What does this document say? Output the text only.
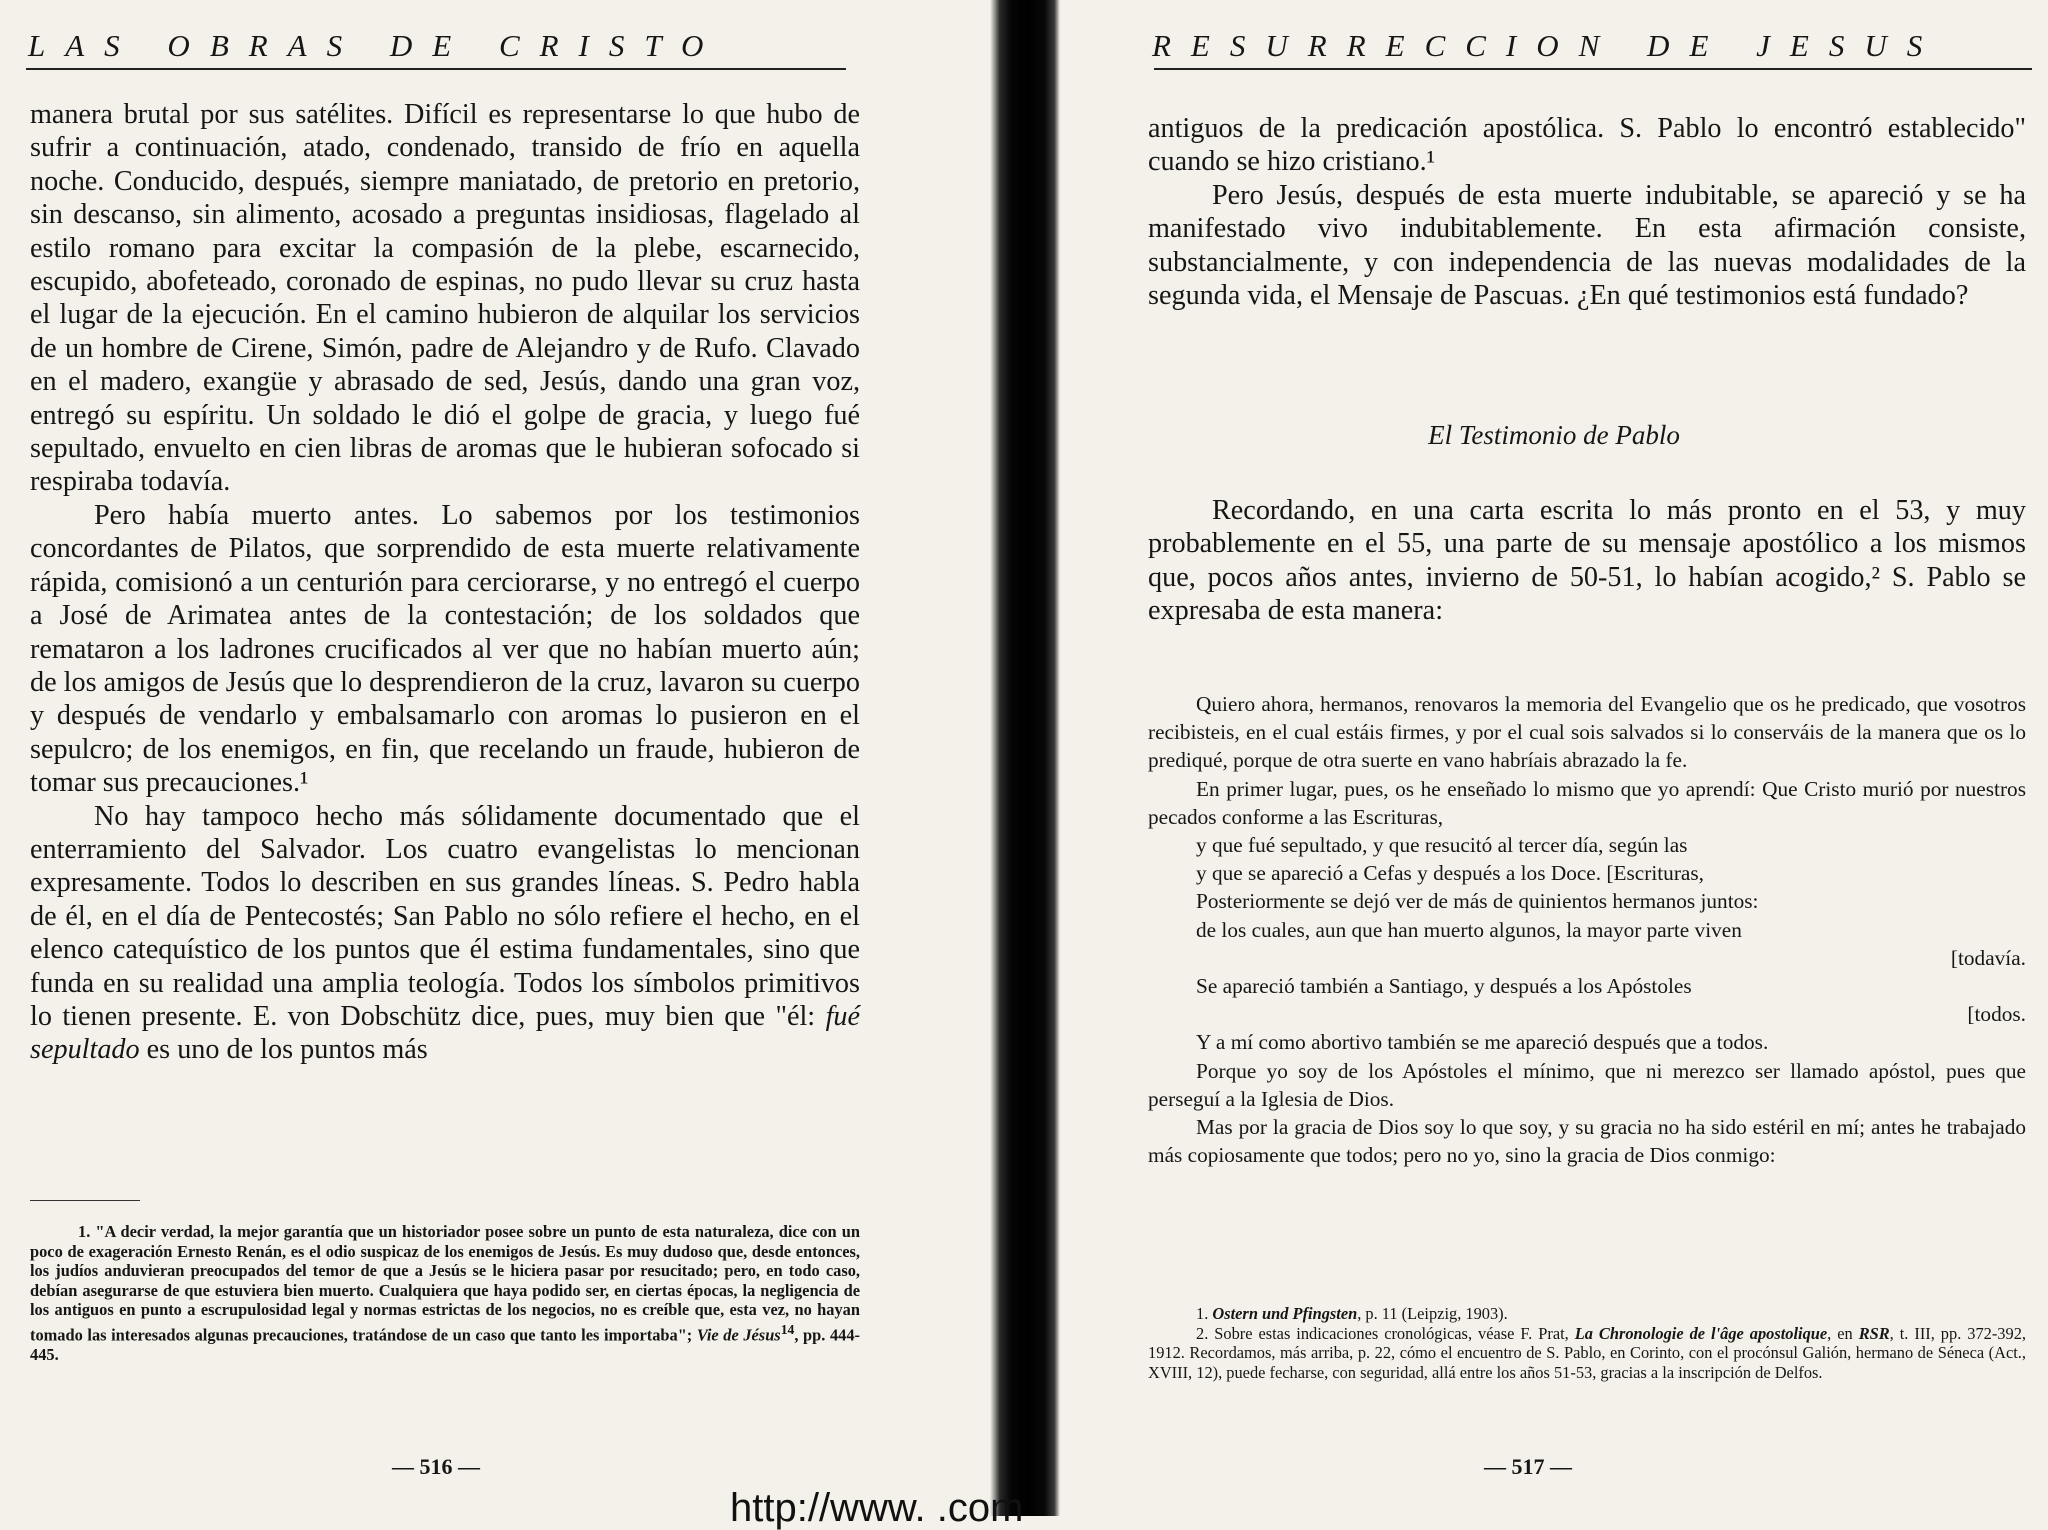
LAS OBRAS DE CRISTO

manera brutal por sus satélites. Difícil es representarse lo que hubo de sufrir a continuación, atado, condenado, transido de frío en aquella noche. Conducido, después, siempre maniatado, de pretorio en pretorio, sin descanso, sin alimento, acosado a preguntas insidiosas, flagelado al estilo romano para excitar la compasión de la plebe, escarnecido, escupido, abofeteado, coronado de espinas, no pudo llevar su cruz hasta el lugar de la ejecución. En el camino hubieron de alquilar los servicios de un hombre de Cirene, Simón, padre de Alejandro y de Rufo. Clavado en el madero, exangüe y abrasado de sed, Jesús, dando una gran voz, entregó su espíritu. Un soldado le dió el golpe de gracia, y luego fué sepultado, envuelto en cien libras de aromas que le hubieran sofocado si respiraba todavía.

Pero había muerto antes. Lo sabemos por los testimonios concordantes de Pilatos, que sorprendido de esta muerte relativamente rápida, comisionó a un centurión para cerciorarse, y no entregó el cuerpo a José de Arimatea antes de la contestación; de los soldados que remataron a los ladrones crucificados al ver que no habían muerto aún; de los amigos de Jesús que lo desprendieron de la cruz, lavaron su cuerpo y después de vendarlo y embalsamarlo con aromas lo pusieron en el sepulcro; de los enemigos, en fin, que recelando un fraude, hubieron de tomar sus precauciones.¹

No hay tampoco hecho más sólidamente documentado que el enterramiento del Salvador. Los cuatro evangelistas lo mencionan expresamente. Todos lo describen en sus grandes líneas. S. Pedro habla de él, en el día de Pentecostés; San Pablo no sólo refiere el hecho, en el elenco catequístico de los puntos que él estima fundamentales, sino que funda en su realidad una amplia teología. Todos los símbolos primitivos lo tienen presente. E. von Dobschütz dice, pues, muy bien que "él: fué sepultado es uno de los puntos más

1. "A decir verdad, la mejor garantía que un historiador posee sobre un punto de esta naturaleza, dice con un poco de exageración Ernesto Renán, es el odio suspicaz de los enemigos de Jesús. Es muy dudoso que, desde entonces, los judíos anduvieran preocupados del temor de que a Jesús se le hiciera pasar por resucitado; pero, en todo caso, debían asegurarse de que estuviera bien muerto. Cualquiera que haya podido ser, en ciertas épocas, la negligencia de los antiguos en punto a escrupulosidad legal y normas estrictas de los negocios, no es creíble que, esta vez, no hayan tomado las interesados algunas precauciones, tratándose de un caso que tanto les importaba"; Vie de Jésus$^{14}$, pp. 444-445.

— 516 —
RESURRECCION DE JESUS

antiguos de la predicación apostólica. S. Pablo lo encontró establecido" cuando se hizo cristiano.¹

Pero Jesús, después de esta muerte indubitable, se apareció y se ha manifestado vivo indubitablemente. En esta afirmación consiste, substancialmente, y con independencia de las nuevas modalidades de la segunda vida, el Mensaje de Pascuas. ¿En qué testimonios está fundado?

El Testimonio de Pablo

Recordando, en una carta escrita lo más pronto en el 53, y muy probablemente en el 55, una parte de su mensaje apostólico a los mismos que, pocos años antes, invierno de 50-51, lo habían acogido,² S. Pablo se expresaba de esta manera:

Quiero ahora, hermanos, renovaros la memoria del Evangelio que os he predicado, que vosotros recibisteis, en el cual estáis firmes, y por el cual sois salvados si lo conserváis de la manera que os lo prediqué, porque de otra suerte en vano habríais abrazado la fe.

En primer lugar, pues, os he enseñado lo mismo que yo aprendí: Que Cristo murió por nuestros pecados conforme a las Escrituras,

y que fué sepultado, y que resucitó al tercer día, según las

y que se apareció a Cefas y después a los Doce. [Escrituras,

Posteriormente se dejó ver de más de quinientos hermanos juntos:

de los cuales, aun que han muerto algunos, la mayor parte viven

[todavía.

Se apareció también a Santiago, y después a los Apóstoles

[todos.

Y a mí como abortivo también se me apareció después que a todos.

Porque yo soy de los Apóstoles el mínimo, que ni merezco ser llamado apóstol, pues que perseguí a la Iglesia de Dios.

Mas por la gracia de Dios soy lo que soy, y su gracia no ha sido estéril en mí; antes he trabajado más copiosamente que todos; pero no yo, sino la gracia de Dios conmigo:

1. Ostern und Pfingsten, p. 11 (Leipzig, 1903).

2. Sobre estas indicaciones cronológicas, véase F. Prat, La Chronologie de l'âge apostolique, en RSR, t. III, pp. 372-392, 1912. Recordamos, más arriba, p. 22, cómo el encuentro de S. Pablo, en Corinto, con el procónsul Galión, hermano de Séneca (Act., XVIII, 12), puede fecharse, con seguridad, allá entre los años 51-53, gracias a la inscripción de Delfos.

— 517 —
http://www. .com
